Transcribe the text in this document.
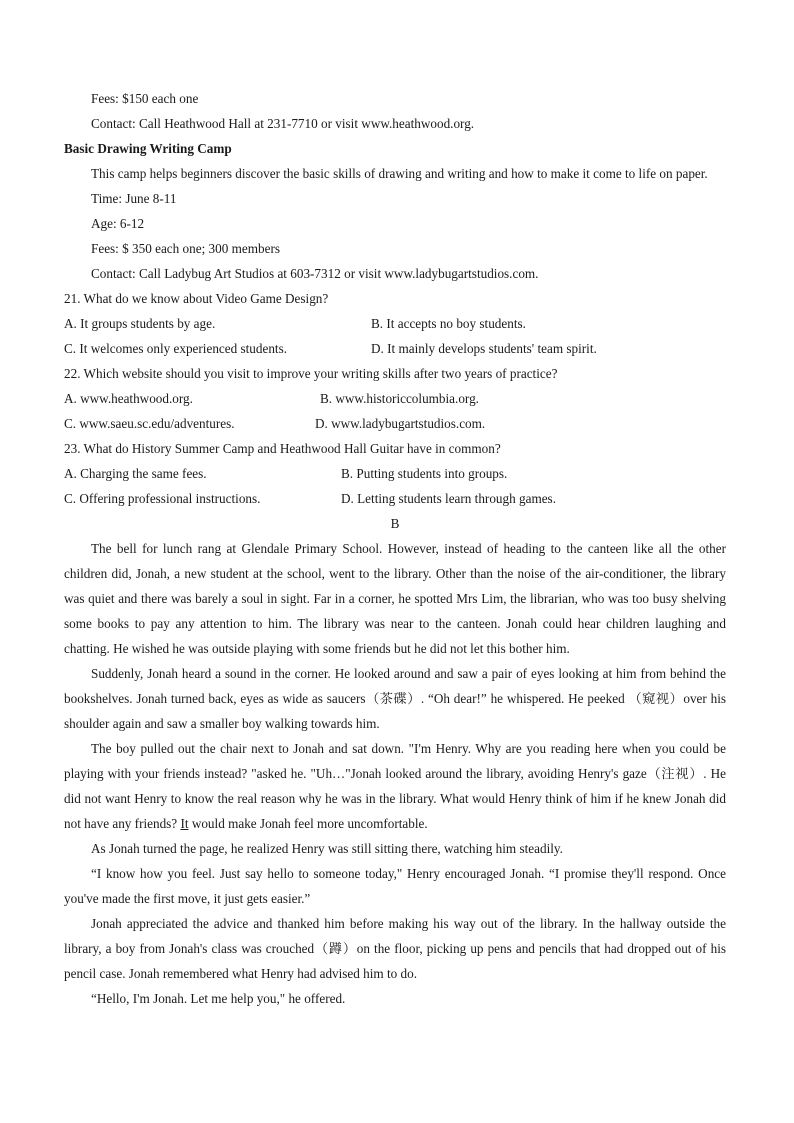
Fees: $150 each one
Contact: Call Heathwood Hall at 231-7710 or visit www.heathwood.org.
Basic Drawing Writing Camp

This camp helps beginners discover the basic skills of drawing and writing and how to make it come to life on paper.

Time: June 8-11
Age: 6-12
Fees: $ 350 each one; 300 members
Contact: Call Ladybug Art Studios at 603-7312 or visit www.ladybugartstudios.com.
21. What do we know about Video Game Design?
A. It groups students by age.	B. It accepts no boy students.
C. It welcomes only experienced students.	D. It mainly develops students' team spirit.
22. Which website should you visit to improve your writing skills after two years of practice?
A. www.heathwood.org.	B. www.historiccolumbia.org.
C. www.saeu.sc.edu/adventures.	D. www.ladybugartstudios.com.
23. What do History Summer Camp and Heathwood Hall Guitar have in common?
A. Charging the same fees.	B. Putting students into groups.
C. Offering professional instructions.	D. Letting students learn through games.
B

The bell for lunch rang at Glendale Primary School. However, instead of heading to the canteen like all the other children did, Jonah, a new student at the school, went to the library. Other than the noise of the air-conditioner, the library was quiet and there was barely a soul in sight. Far in a corner, he spotted Mrs Lim, the librarian, who was too busy shelving some books to pay any attention to him. The library was near to the canteen. Jonah could hear children laughing and chatting. He wished he was outside playing with some friends but he did not let this bother him.

Suddenly, Jonah heard a sound in the corner. He looked around and saw a pair of eyes looking at him from behind the bookshelves. Jonah turned back, eyes as wide as saucers（茶碟）. “Oh dear!” he whispered. He peeked （窥视）over his shoulder again and saw a smaller boy walking towards him.

The boy pulled out the chair next to Jonah and sat down. "I'm Henry. Why are you reading here when you could be playing with your friends instead? "asked he. "Uh…"Jonah looked around the library, avoiding Henry's gaze（注视）. He did not want Henry to know the real reason why he was in the library. What would Henry think of him if he knew Jonah did not have any friends? It would make Jonah feel more uncomfortable.

As Jonah turned the page, he realized Henry was still sitting there, watching him steadily.

“I know how you feel. Just say hello to someone today," Henry encouraged Jonah. “I promise they'll respond. Once you've made the first move, it just gets easier.”

Jonah appreciated the advice and thanked him before making his way out of the library. In the hallway outside the library, a boy from Jonah's class was crouched（蹲）on the floor, picking up pens and pencils that had dropped out of his pencil case. Jonah remembered what Henry had advised him to do.

“Hello, I'm Jonah. Let me help you," he offered.
